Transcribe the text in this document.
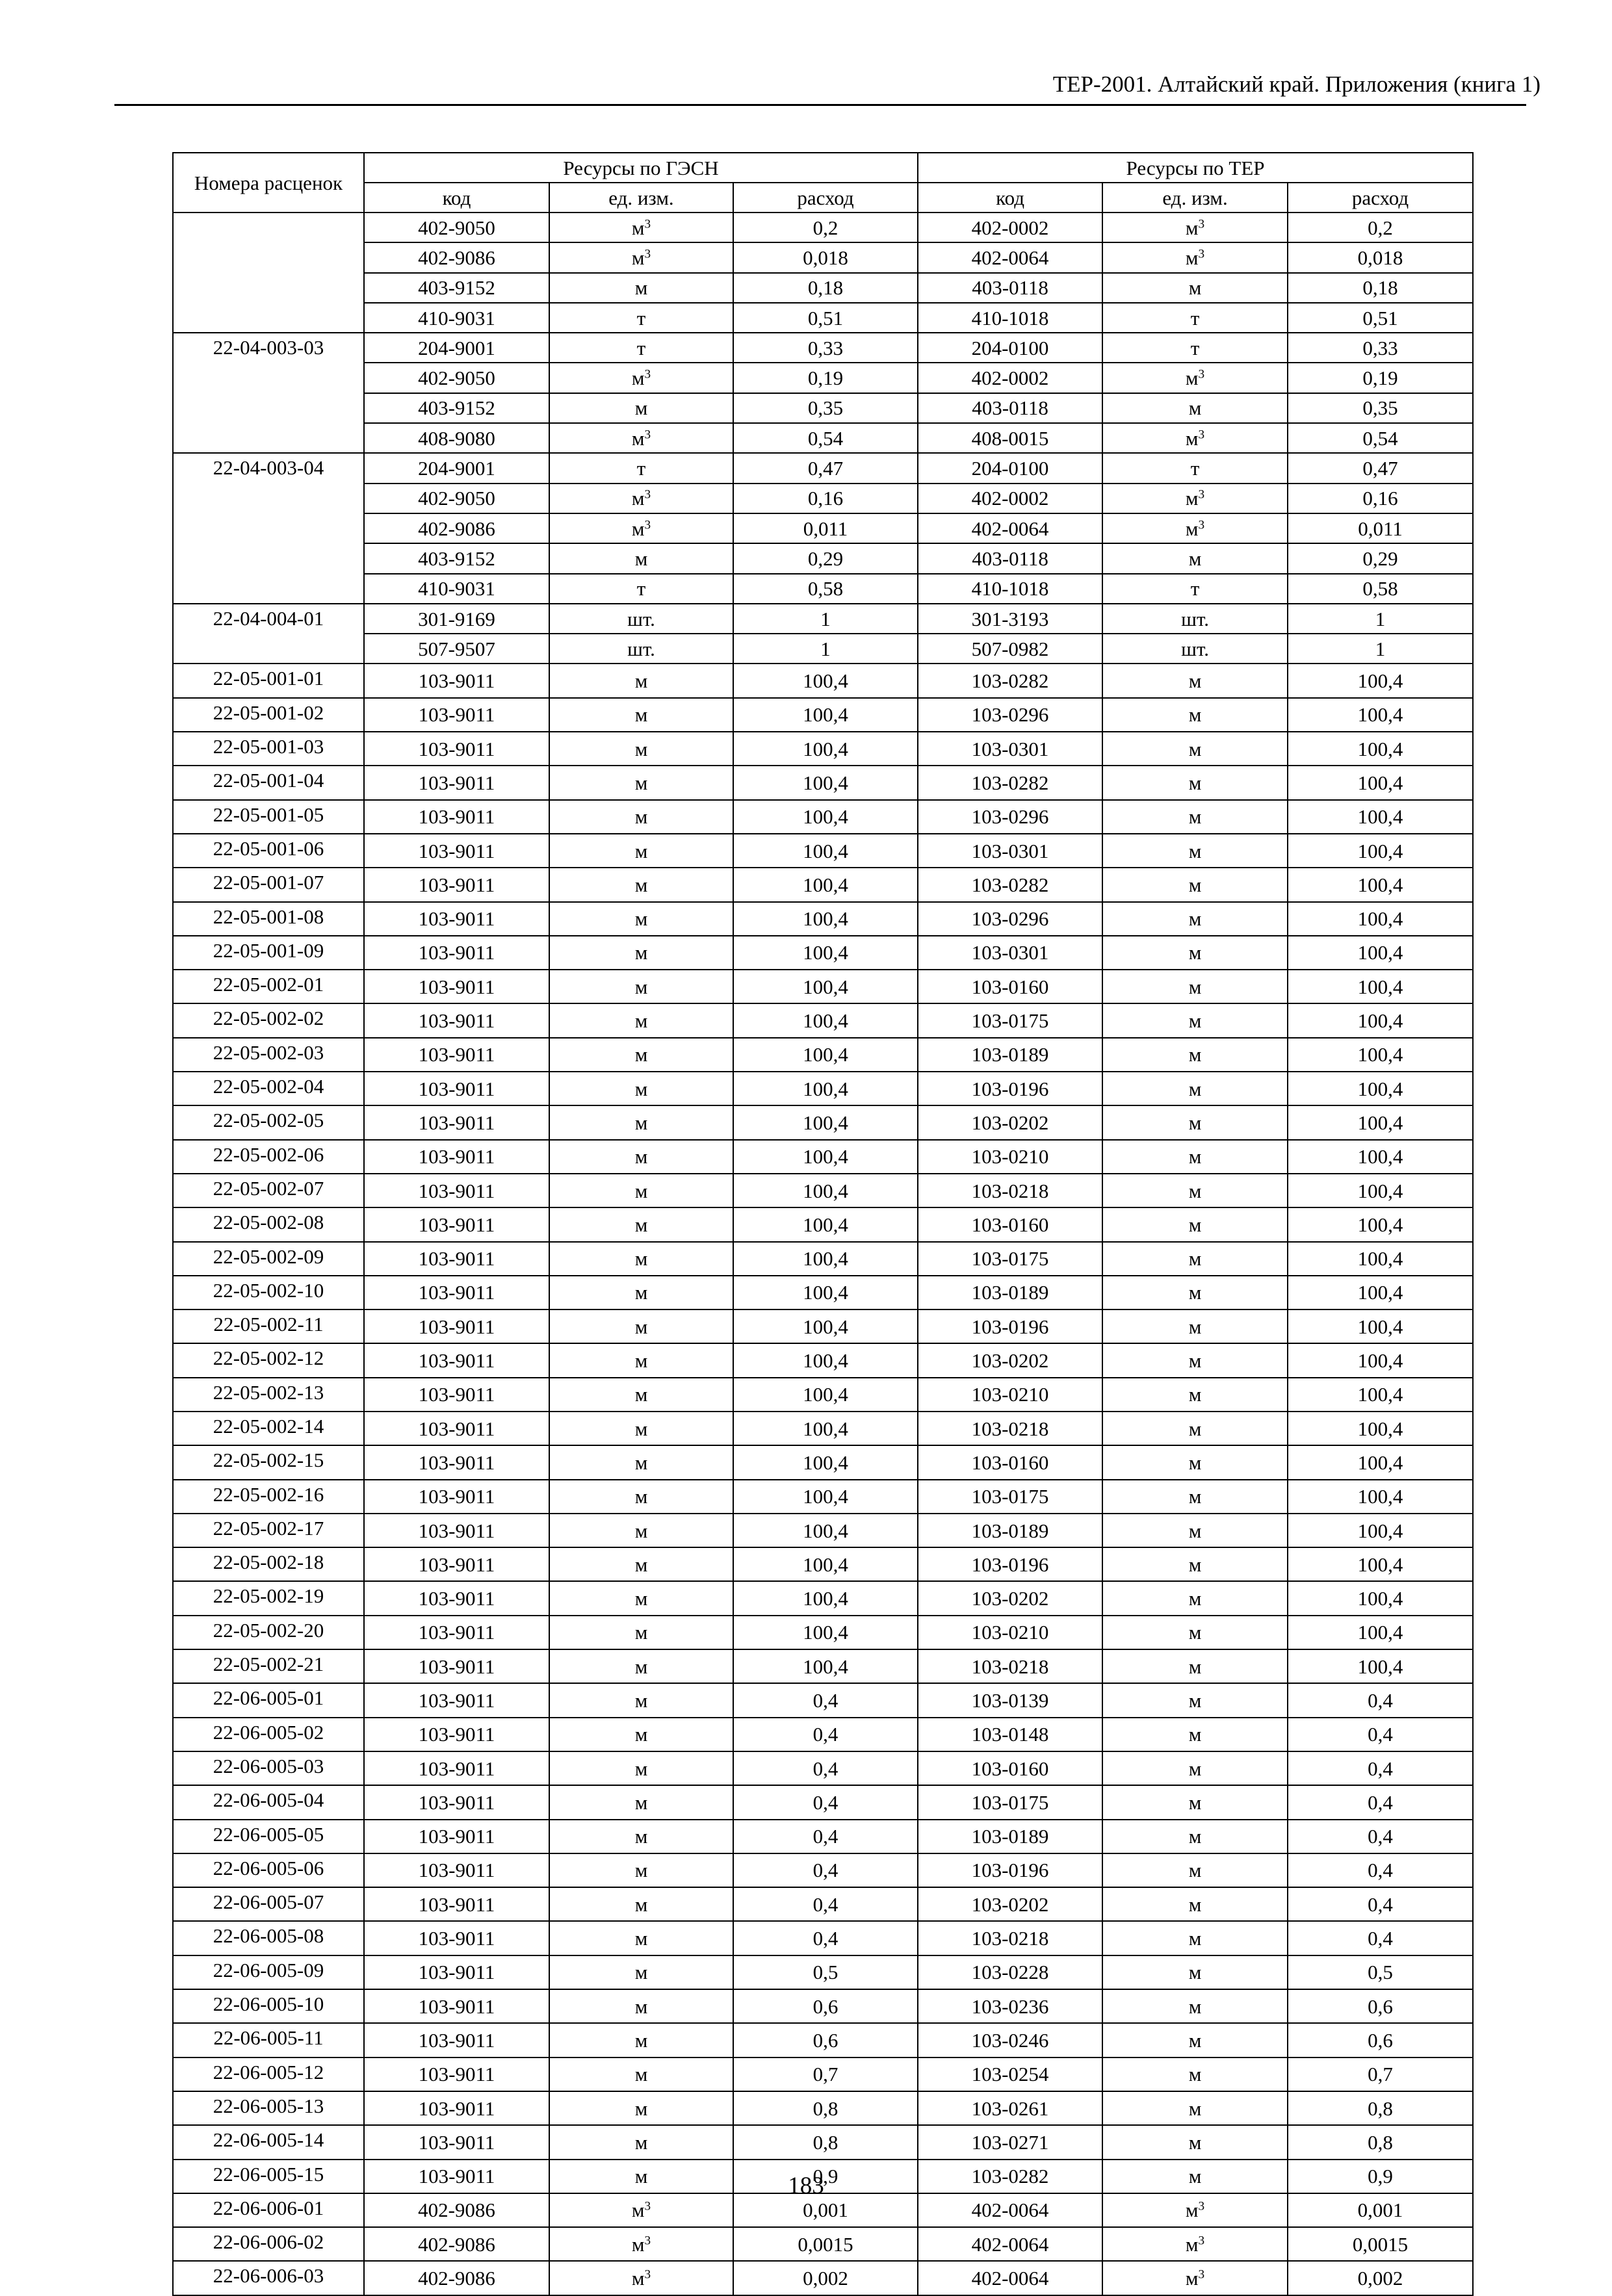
ТЕР-2001. Алтайский край. Приложения (книга 1)
Номера расценок	Ресурсы по ГЭСН			Ресурсы по ТЕР		
	код	ед. изм.	расход	код	ед. изм.	расход
	402-9050	$м^3$	0,2	402-0002	$м^3$	0,2
	402-9086	$м^3$	0,018	402-0064	$м^3$	0,018
	403-9152	м	0,18	403-0118	м	0,18
	410-9031	т	0,51	410-1018	т	0,51
22-04-003-03	204-9001	т	0,33	204-0100	т	0,33
	402-9050	$м^3$	0,19	402-0002	$м^3$	0,19
	403-9152	м	0,35	403-0118	м	0,35
	408-9080	$м^3$	0,54	408-0015	$м^3$	0,54
22-04-003-04	204-9001	т	0,47	204-0100	т	0,47
	402-9050	$м^3$	0,16	402-0002	$м^3$	0,16
	402-9086	$м^3$	0,011	402-0064	$м^3$	0,011
	403-9152	м	0,29	403-0118	м	0,29
	410-9031	т	0,58	410-1018	т	0,58
22-04-004-01	301-9169	шт.	1	301-3193	шт.	1
	507-9507	шт.	1	507-0982	шт.	1
22-05-001-01	103-9011	м	100,4	103-0282	м	100,4
22-05-001-02	103-9011	м	100,4	103-0296	м	100,4
22-05-001-03	103-9011	м	100,4	103-0301	м	100,4
22-05-001-04	103-9011	м	100,4	103-0282	м	100,4
22-05-001-05	103-9011	м	100,4	103-0296	м	100,4
22-05-001-06	103-9011	м	100,4	103-0301	м	100,4
22-05-001-07	103-9011	м	100,4	103-0282	м	100,4
22-05-001-08	103-9011	м	100,4	103-0296	м	100,4
22-05-001-09	103-9011	м	100,4	103-0301	м	100,4
22-05-002-01	103-9011	м	100,4	103-0160	м	100,4
22-05-002-02	103-9011	м	100,4	103-0175	м	100,4
22-05-002-03	103-9011	м	100,4	103-0189	м	100,4
22-05-002-04	103-9011	м	100,4	103-0196	м	100,4
22-05-002-05	103-9011	м	100,4	103-0202	м	100,4
22-05-002-06	103-9011	м	100,4	103-0210	м	100,4
22-05-002-07	103-9011	м	100,4	103-0218	м	100,4
22-05-002-08	103-9011	м	100,4	103-0160	м	100,4
22-05-002-09	103-9011	м	100,4	103-0175	м	100,4
22-05-002-10	103-9011	м	100,4	103-0189	м	100,4
22-05-002-11	103-9011	м	100,4	103-0196	м	100,4
22-05-002-12	103-9011	м	100,4	103-0202	м	100,4
22-05-002-13	103-9011	м	100,4	103-0210	м	100,4
22-05-002-14	103-9011	м	100,4	103-0218	м	100,4
22-05-002-15	103-9011	м	100,4	103-0160	м	100,4
22-05-002-16	103-9011	м	100,4	103-0175	м	100,4
22-05-002-17	103-9011	м	100,4	103-0189	м	100,4
22-05-002-18	103-9011	м	100,4	103-0196	м	100,4
22-05-002-19	103-9011	м	100,4	103-0202	м	100,4
22-05-002-20	103-9011	м	100,4	103-0210	м	100,4
22-05-002-21	103-9011	м	100,4	103-0218	м	100,4
22-06-005-01	103-9011	м	0,4	103-0139	м	0,4
22-06-005-02	103-9011	м	0,4	103-0148	м	0,4
22-06-005-03	103-9011	м	0,4	103-0160	м	0,4
22-06-005-04	103-9011	м	0,4	103-0175	м	0,4
22-06-005-05	103-9011	м	0,4	103-0189	м	0,4
22-06-005-06	103-9011	м	0,4	103-0196	м	0,4
22-06-005-07	103-9011	м	0,4	103-0202	м	0,4
22-06-005-08	103-9011	м	0,4	103-0218	м	0,4
22-06-005-09	103-9011	м	0,5	103-0228	м	0,5
22-06-005-10	103-9011	м	0,6	103-0236	м	0,6
22-06-005-11	103-9011	м	0,6	103-0246	м	0,6
22-06-005-12	103-9011	м	0,7	103-0254	м	0,7
22-06-005-13	103-9011	м	0,8	103-0261	м	0,8
22-06-005-14	103-9011	м	0,8	103-0271	м	0,8
22-06-005-15	103-9011	м	0,9	103-0282	м	0,9
22-06-006-01	402-9086	$м^3$	0,001	402-0064	$м^3$	0,001
22-06-006-02	402-9086	$м^3$	0,0015	402-0064	$м^3$	0,0015
22-06-006-03	402-9086	$м^3$	0,002	402-0064	$м^3$	0,002
183
